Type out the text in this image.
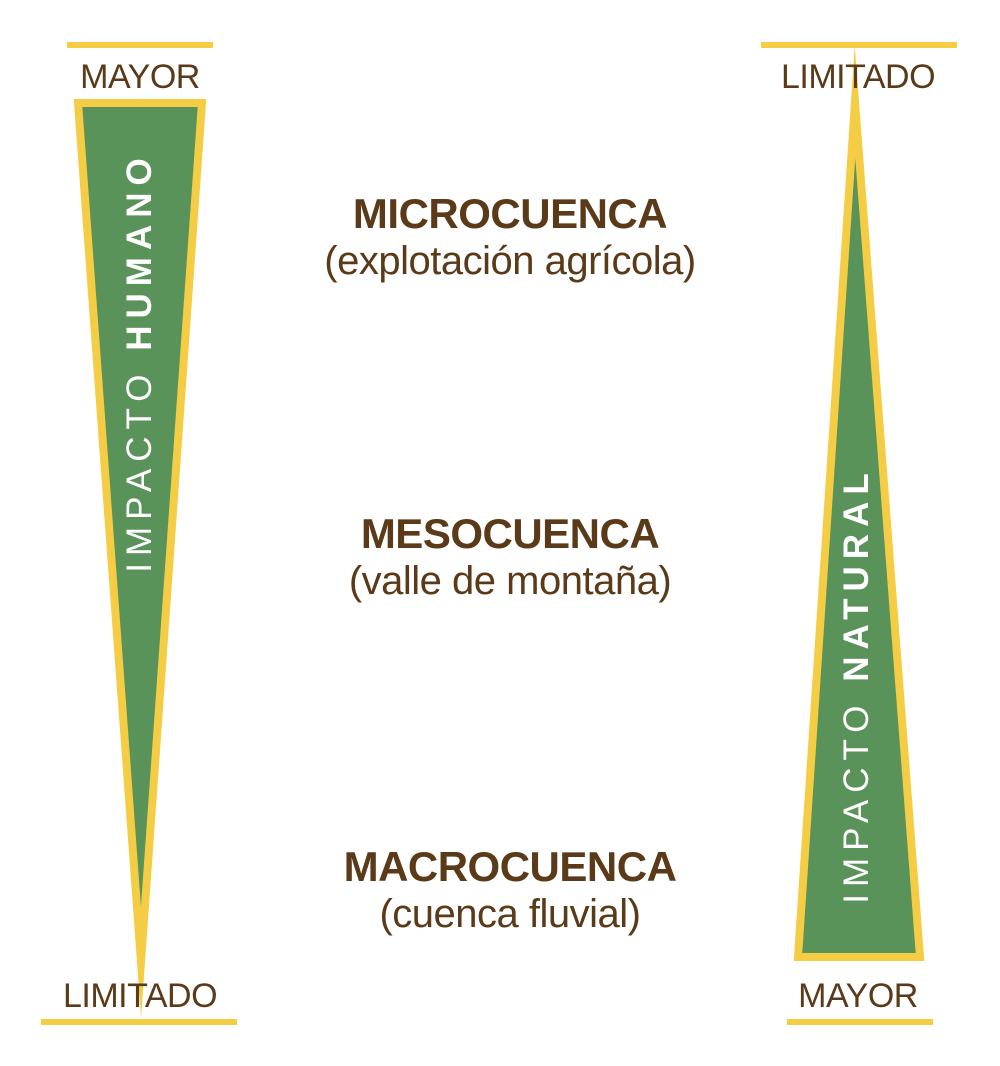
MAYOR
IMPACTO HUMANO
LIMITADO
LIMITADO
IMPACTO NATURAL
MAYOR
MICROCUENCA
(explotación agrícola)
MESOCUENCA
(valle de montaña)
MACROCUENCA
(cuenca fluvial)
